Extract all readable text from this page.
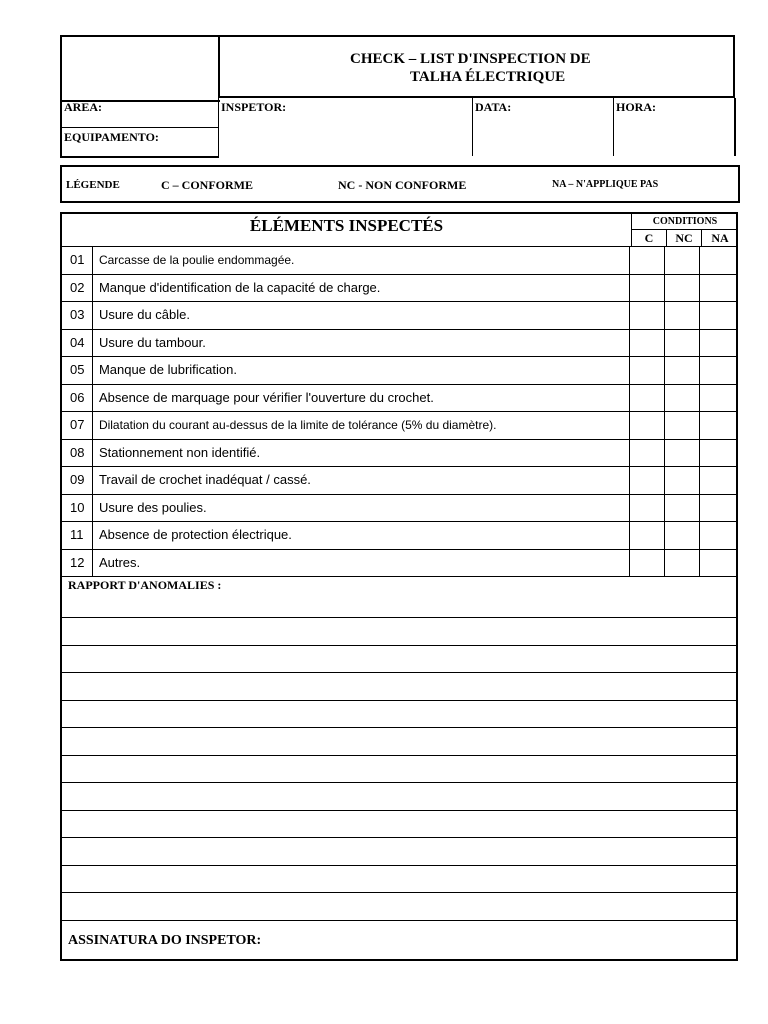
CHECK – LIST D'INSPECTION DE
TALHA ÉLECTRIQUE
AREA:
EQUIPAMENTO:
INSPETOR:	DATA:	HORA:
LÉGENDE	C – CONFORME	NC - NON CONFORME	NA – N'APPLIQUE PAS
ÉLÉMENTS INSPECTÉS	CONDITIONS
C	NC	NA
01	Carcasse de la poulie endommagée.
02	Manque d'identification de la capacité de charge.
03	Usure du câble.
04	Usure du tambour.
05	Manque de lubrification.
06	Absence de marquage pour vérifier l'ouverture du crochet.
07	Dilatation du courant au-dessus de la limite de tolérance (5% du diamètre).
08	Stationnement non identifié.
09	Travail de crochet inadéquat / cassé.
10	Usure des poulies.
11	Absence de protection électrique.
12	Autres.
RAPPORT D'ANOMALIES :
ASSINATURA DO INSPETOR:
